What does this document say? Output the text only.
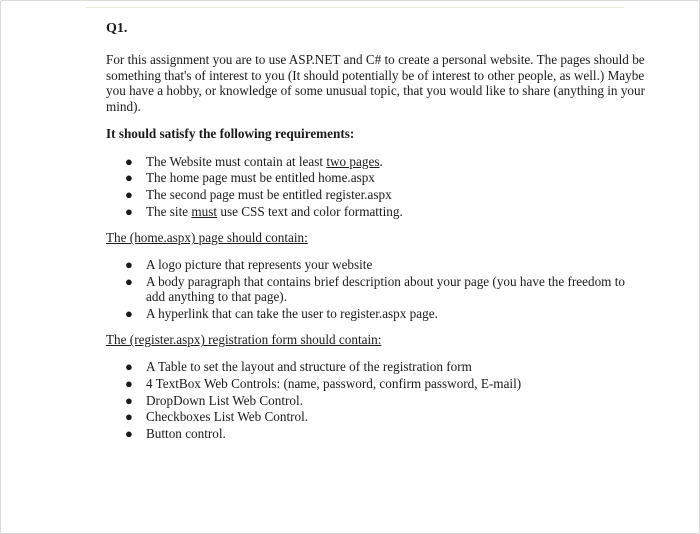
Q1.

For this assignment you are to use ASP.NET and C# to create a personal website. The pages should be something that's of interest to you (It should potentially be of interest to other people, as well.) Maybe you have a hobby, or knowledge of some unusual topic, that you would like to share (anything in your mind).

It should satisfy the following requirements:
● The Website must contain at least two pages.
● The home page must be entitled home.aspx
● The second page must be entitled register.aspx
● The site must use CSS text and color formatting.
The (home.aspx) page should contain:
● A logo picture that represents your website
● A body paragraph that contains brief description about your page (you have the freedom to add anything to that page).
● A hyperlink that can take the user to register.aspx page.
The (register.aspx) registration form should contain:
● A Table to set the layout and structure of the registration form
● 4 TextBox Web Controls: (name, password, confirm password, E-mail)
● DropDown List Web Control.
● Checkboxes List Web Control.
● Button control.
